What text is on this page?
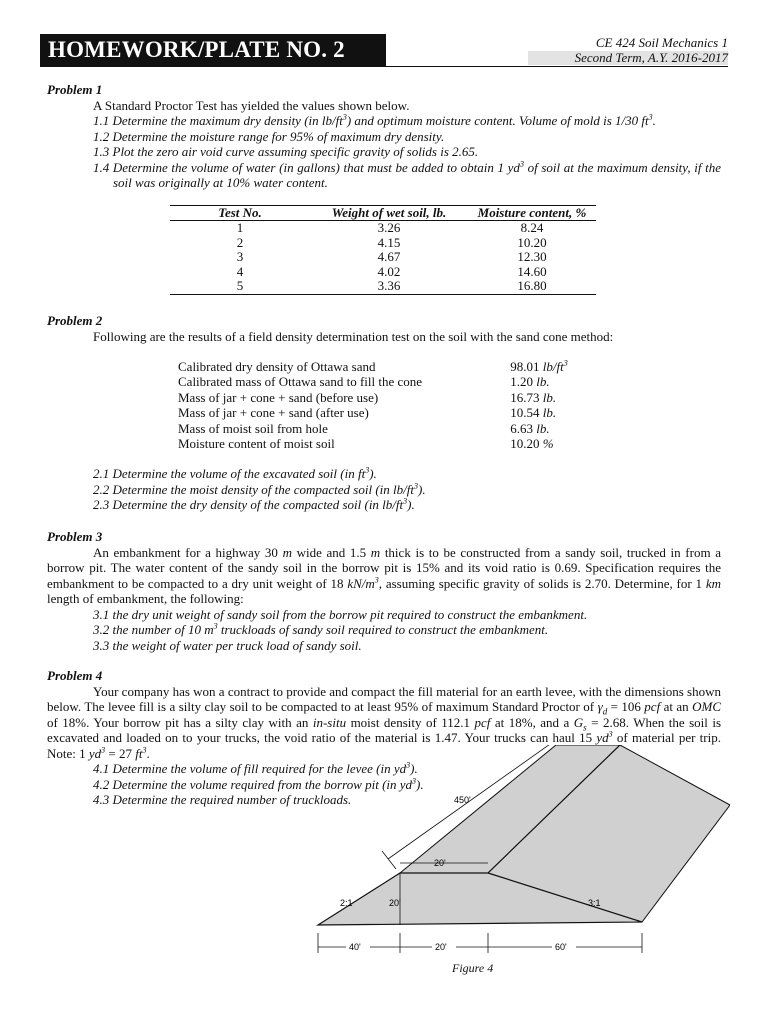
HOMEWORK/PLATE NO. 2	CE 424 Soil Mechanics 1
Second Term, A.Y. 2016-2017
Problem 1
A Standard Proctor Test has yielded the values shown below.
1.1 Determine the maximum dry density (in $lb/ft^3$) and optimum moisture content. Volume of mold is 1/30 $ft^3$.
1.2 Determine the moisture range for 95% of maximum dry density.
1.3 Plot the zero air void curve assuming specific gravity of solids is 2.65.
1.4 Determine the volume of water (in gallons) that must be added to obtain 1 $yd^3$ of soil at the maximum density, if the soil was originally at 10% water content.
Test No.	Weight of wet soil, lb.	Moisture content, %
1	3.26	8.24
2	4.15	10.20
3	4.67	12.30
4	4.02	14.60
5	3.36	16.80
Problem 2
Following are the results of a field density determination test on the soil with the sand cone method:
Calibrated dry density of Ottawa sand	98.01 $lb/ft^3$
Calibrated mass of Ottawa sand to fill the cone	1.20 lb.
Mass of jar + cone + sand (before use)	16.73 lb.
Mass of jar + cone + sand (after use)	10.54 lb.
Mass of moist soil from hole	6.63 lb.
Moisture content of moist soil	10.20 %
2.1 Determine the volume of the excavated soil (in $ft^3$).
2.2 Determine the moist density of the compacted soil (in $lb/ft^3$).
2.3 Determine the dry density of the compacted soil (in $lb/ft^3$).
Problem 3
An embankment for a highway 30 m wide and 1.5 m thick is to be constructed from a sandy soil, trucked in from a borrow pit. The water content of the sandy soil in the borrow pit is 15% and its void ratio is 0.69. Specification requires the embankment to be compacted to a dry unit weight of 18 $kN/m^3$, assuming specific gravity of solids is 2.70. Determine, for 1 km length of embankment, the following:
3.1 the dry unit weight of sandy soil from the borrow pit required to construct the embankment.
3.2 the number of 10 $m^3$ truckloads of sandy soil required to construct the embankment.
3.3 the weight of water per truck load of sandy soil.
Problem 4
Your company has won a contract to provide and compact the fill material for an earth levee, with the dimensions shown below. The levee fill is a silty clay soil to be compacted to at least 95% of maximum Standard Proctor of $\gamma_d = 106$ pcf at an OMC of 18%. Your borrow pit has a silty clay with an in-situ moist density of 112.1 pcf at 18%, and a $G_s = 2.68$. When the soil is excavated and loaded on to your trucks, the void ratio of the material is 1.47. Your trucks can haul 15 $yd^3$ of material per trip. Note: 1 $yd^3 = 27$ $ft^3$.
4.1 Determine the volume of fill required for the levee (in $yd^3$).
4.2 Determine the volume required from the borrow pit (in $yd^3$).
4.3 Determine the required number of truckloads.	450'
20'
20'
2:1	3:1
40'	20'	60'
Figure 4
